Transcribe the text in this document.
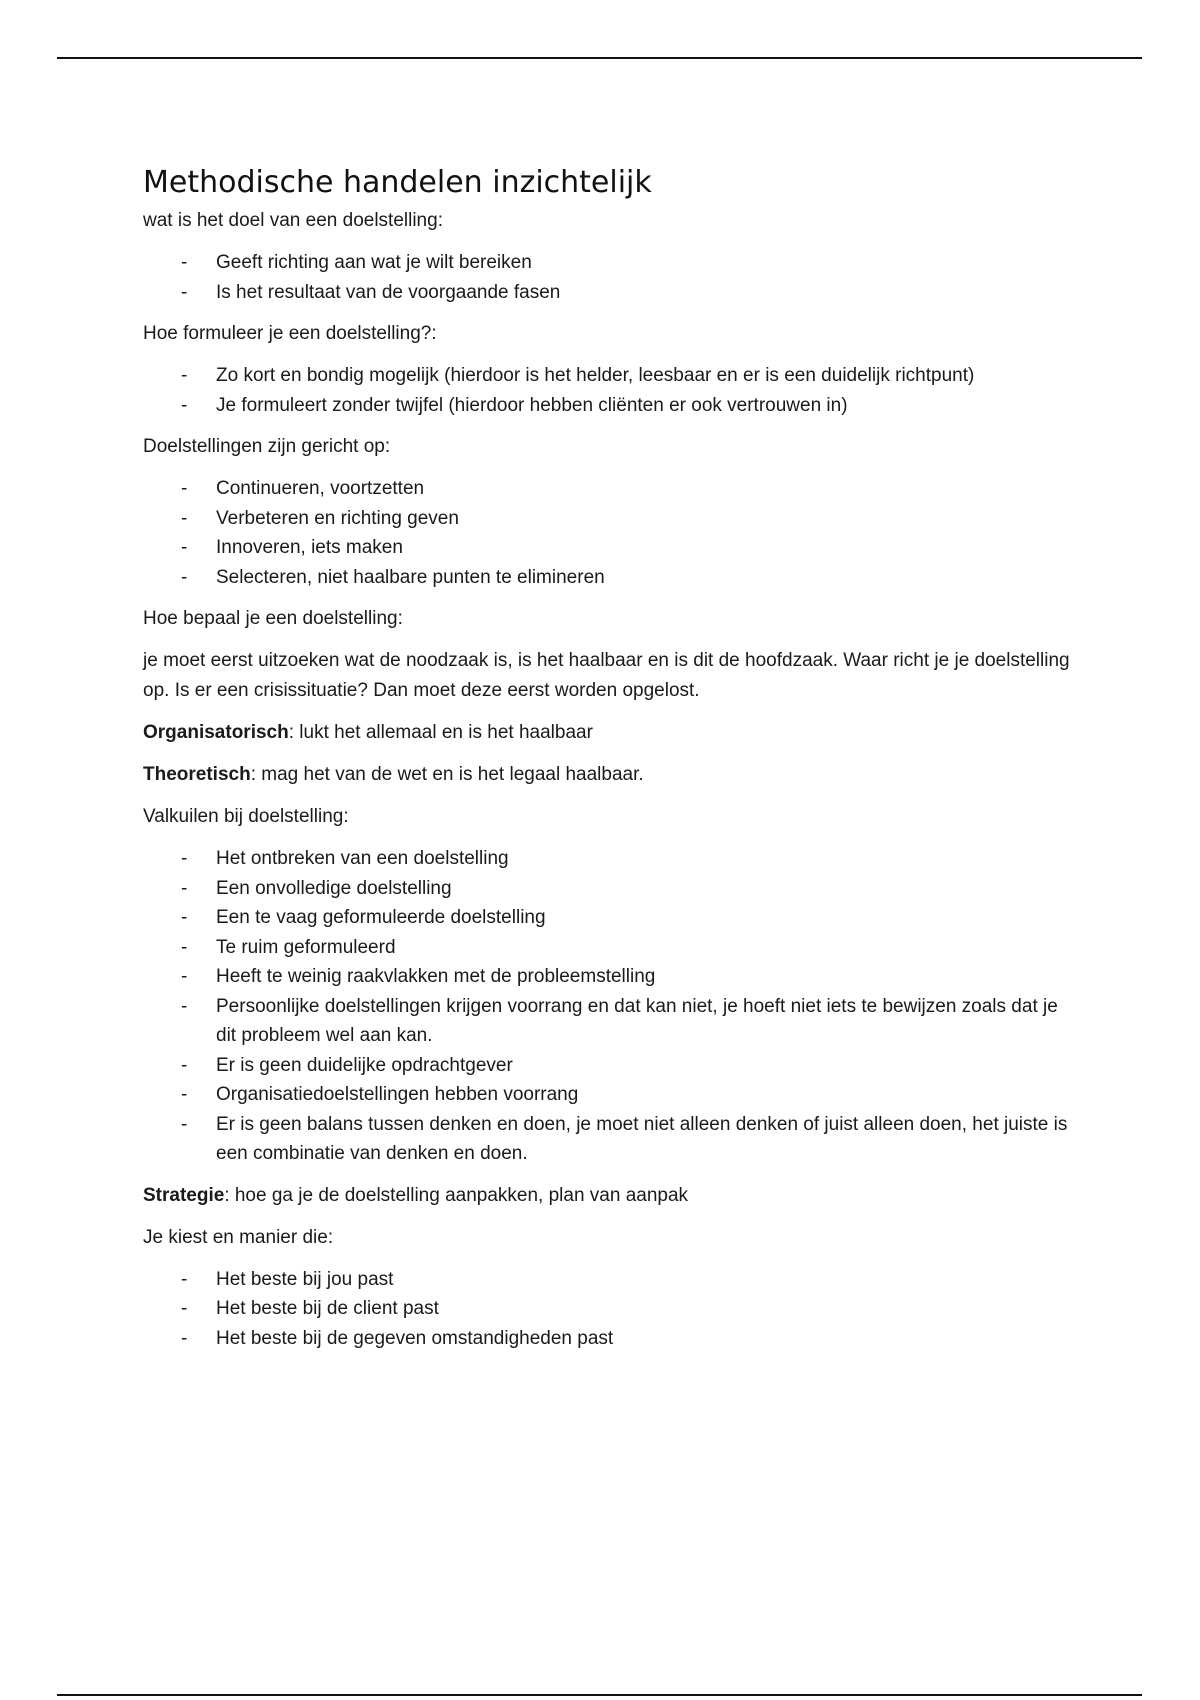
Methodische handelen inzichtelijk

wat is het doel van een doelstelling:

- Geeft richting aan wat je wilt bereiken
- Is het resultaat van de voorgaande fasen

Hoe formuleer je een doelstelling?:

- Zo kort en bondig mogelijk (hierdoor is het helder, leesbaar en er is een duidelijk richtpunt)
- Je formuleert zonder twijfel (hierdoor hebben cliënten er ook vertrouwen in)

Doelstellingen zijn gericht op:

- Continueren, voortzetten
- Verbeteren en richting geven
- Innoveren, iets maken
- Selecteren, niet haalbare punten te elimineren

Hoe bepaal je een doelstelling:

je moet eerst uitzoeken wat de noodzaak is, is het haalbaar en is dit de hoofdzaak. Waar richt je je doelstelling op. Is er een crisissituatie? Dan moet deze eerst worden opgelost.

Organisatorisch: lukt het allemaal en is het haalbaar

Theoretisch: mag het van de wet en is het legaal haalbaar.

Valkuilen bij doelstelling:

- Het ontbreken van een doelstelling
- Een onvolledige doelstelling
- Een te vaag geformuleerde doelstelling
- Te ruim geformuleerd
- Heeft te weinig raakvlakken met de probleemstelling
- Persoonlijke doelstellingen krijgen voorrang en dat kan niet, je hoeft niet iets te bewijzen zoals dat je dit probleem wel aan kan.
- Er is geen duidelijke opdrachtgever
- Organisatiedoelstellingen hebben voorrang
- Er is geen balans tussen denken en doen, je moet niet alleen denken of juist alleen doen, het juiste is een combinatie van denken en doen.

Strategie: hoe ga je de doelstelling aanpakken, plan van aanpak

Je kiest en manier die:

- Het beste bij jou past
- Het beste bij de client past
- Het beste bij de gegeven omstandigheden past
